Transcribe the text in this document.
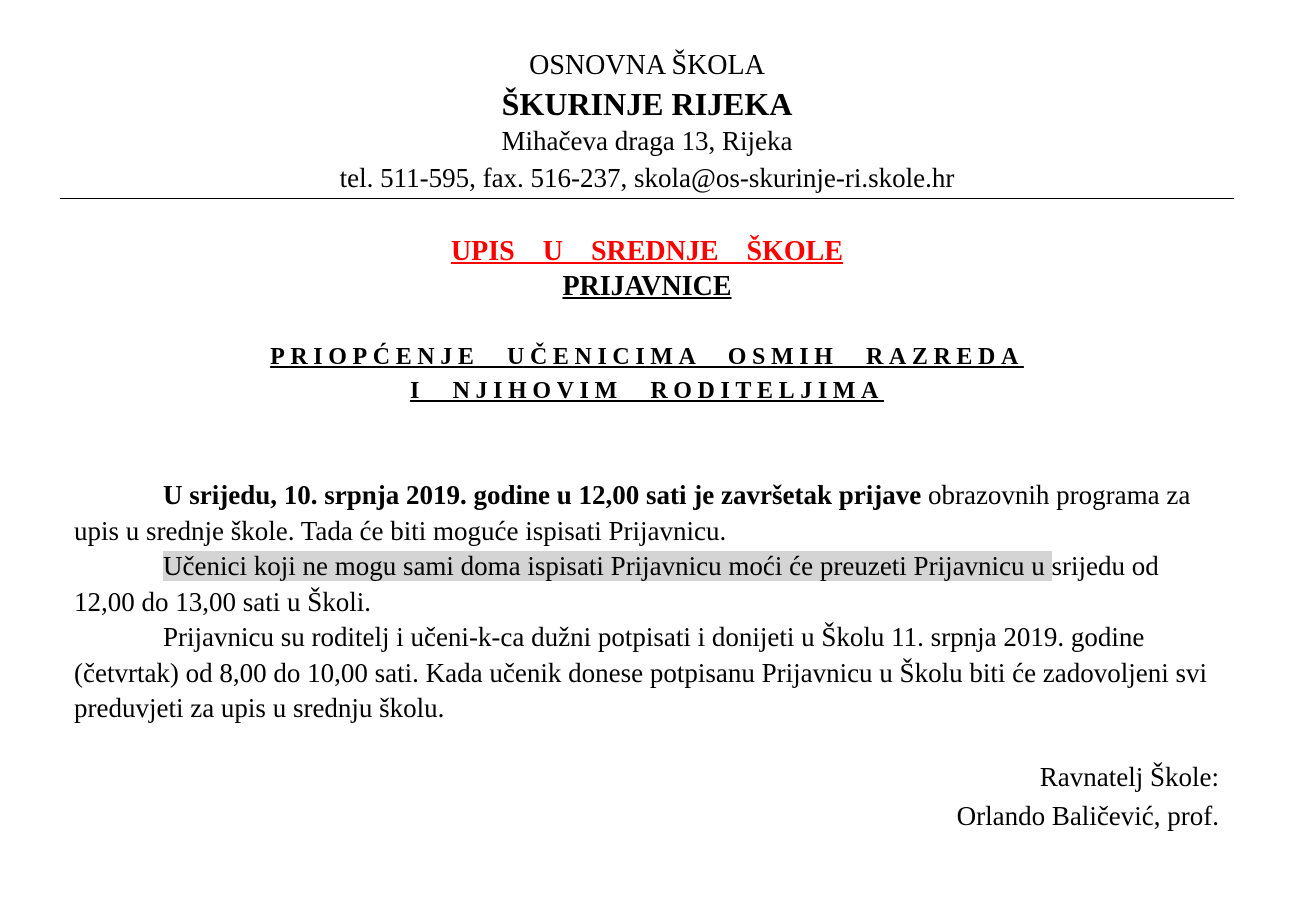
OSNOVNA ŠKOLA
ŠKURINJE RIJEKA
Mihačeva draga 13, Rijeka
tel. 511-595, fax. 516-237, skola@os-skurinje-ri.skole.hr
UPIS  U  SREDNJE  ŠKOLE
PRIJAVNICE
PRIOPĆENJE UČENICIMA OSMIH RAZREDA
I NJIHOVIM RODITELJIMA

U srijedu, 10. srpnja 2019. godine u 12,00 sati je završetak prijave obrazovnih programa za upis u srednje škole. Tada će biti moguće ispisati Prijavnicu.

Učenici koji ne mogu sami doma ispisati Prijavnicu moći će preuzeti Prijavnicu u srijedu od 12,00 do 13,00 sati u Školi.

Prijavnicu su roditelj i učeni-k-ca dužni potpisati i donijeti u Školu 11. srpnja 2019. godine (četvrtak) od 8,00 do 10,00 sati. Kada učenik donese potpisanu Prijavnicu u Školu biti će zadovoljeni svi preduvjeti za upis u srednju školu.

Ravnatelj Škole:
Orlando Baličević, prof.
